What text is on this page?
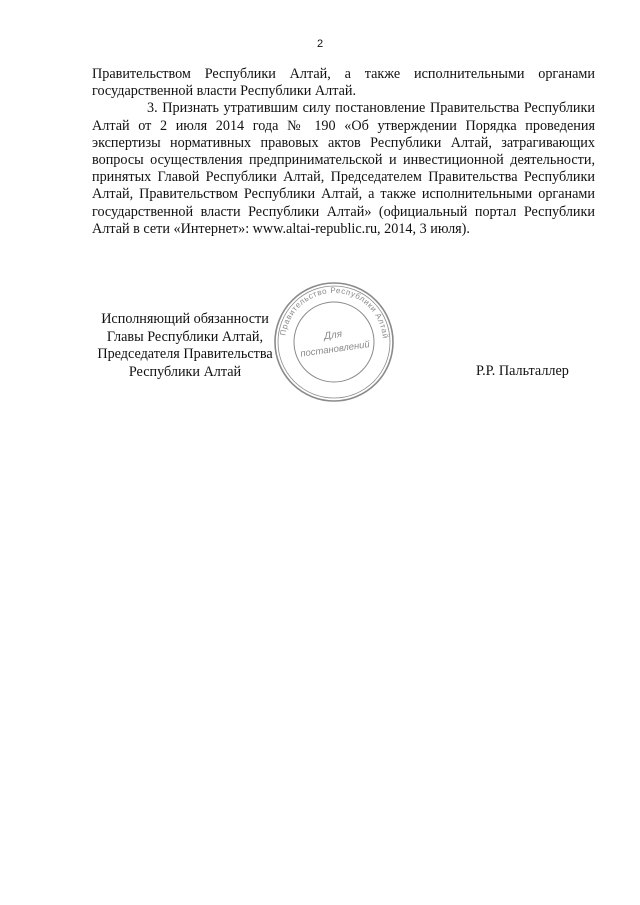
2

Правительством Республики Алтай, а также исполнительными органами государственной власти Республики Алтай.

3. Признать утратившим силу постановление Правительства Республики Алтай от 2 июля 2014 года № 190 «Об утверждении Порядка проведения экспертизы нормативных правовых актов Республики Алтай, затрагивающих вопросы осуществления предпринимательской и инвестиционной деятельности, принятых Главой Республики Алтай, Председателем Правительства Республики Алтай, Правительством Республики Алтай, а также исполнительными органами государственной власти Республики Алтай» (официальный портал Республики Алтай в сети «Интернет»: www.altai-republic.ru, 2014, 3 июля).

Исполняющий обязанности
Главы Республики Алтай,
Председателя Правительства
Республики Алтай	Р.Р. Пальталлер
Правительство Республики Алтай
Для
постановлений
